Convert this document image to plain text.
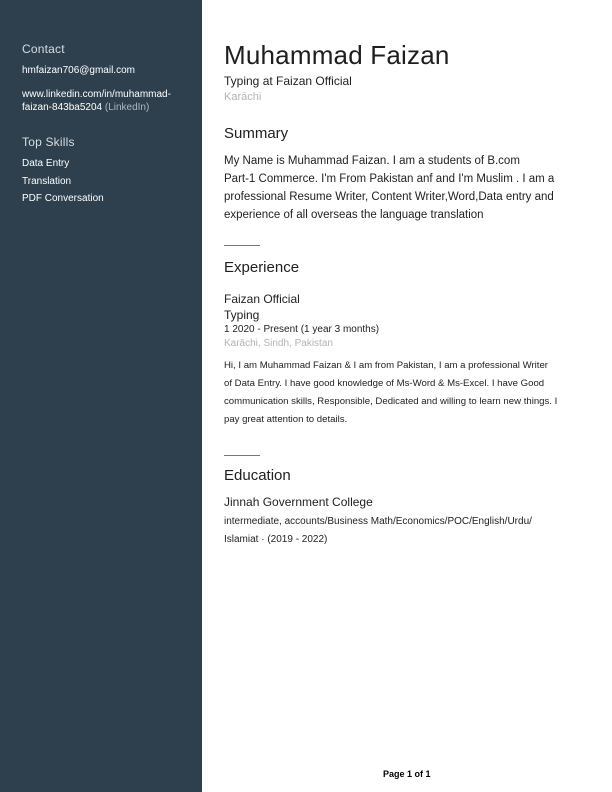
Contact
hmfaizan706@gmail.com
www.linkedin.com/in/muhammad-
faizan-843ba5204 (LinkedIn)
Top Skills
Data Entry
Translation
PDF Conversation
Muhammad Faizan
Typing at Faizan Official
Karāchi
Summary
My Name is Muhammad Faizan. I am a students of B.com
Part-1 Commerce. I'm From Pakistan anf and I'm Muslim . I am a
professional Resume Writer, Content Writer,Word,Data entry and
experience of all overseas the language translation
Experience
Faizan Official
Typing
1 2020 - Present (1 year 3 months)
Karāchi, Sindh, Pakistan
Hi, I am Muhammad Faizan & I am from Pakistan, I am a professional Writer
of Data Entry. I have good knowledge of Ms-Word & Ms-Excel. I have Good
communication skills, Responsible, Dedicated and willing to learn new things. I
pay great attention to details.
Education
Jinnah Government College
intermediate, accounts/Business Math/Economics/POC/English/Urdu/
Islamiat · (2019 - 2022)
Page 1 of 1
